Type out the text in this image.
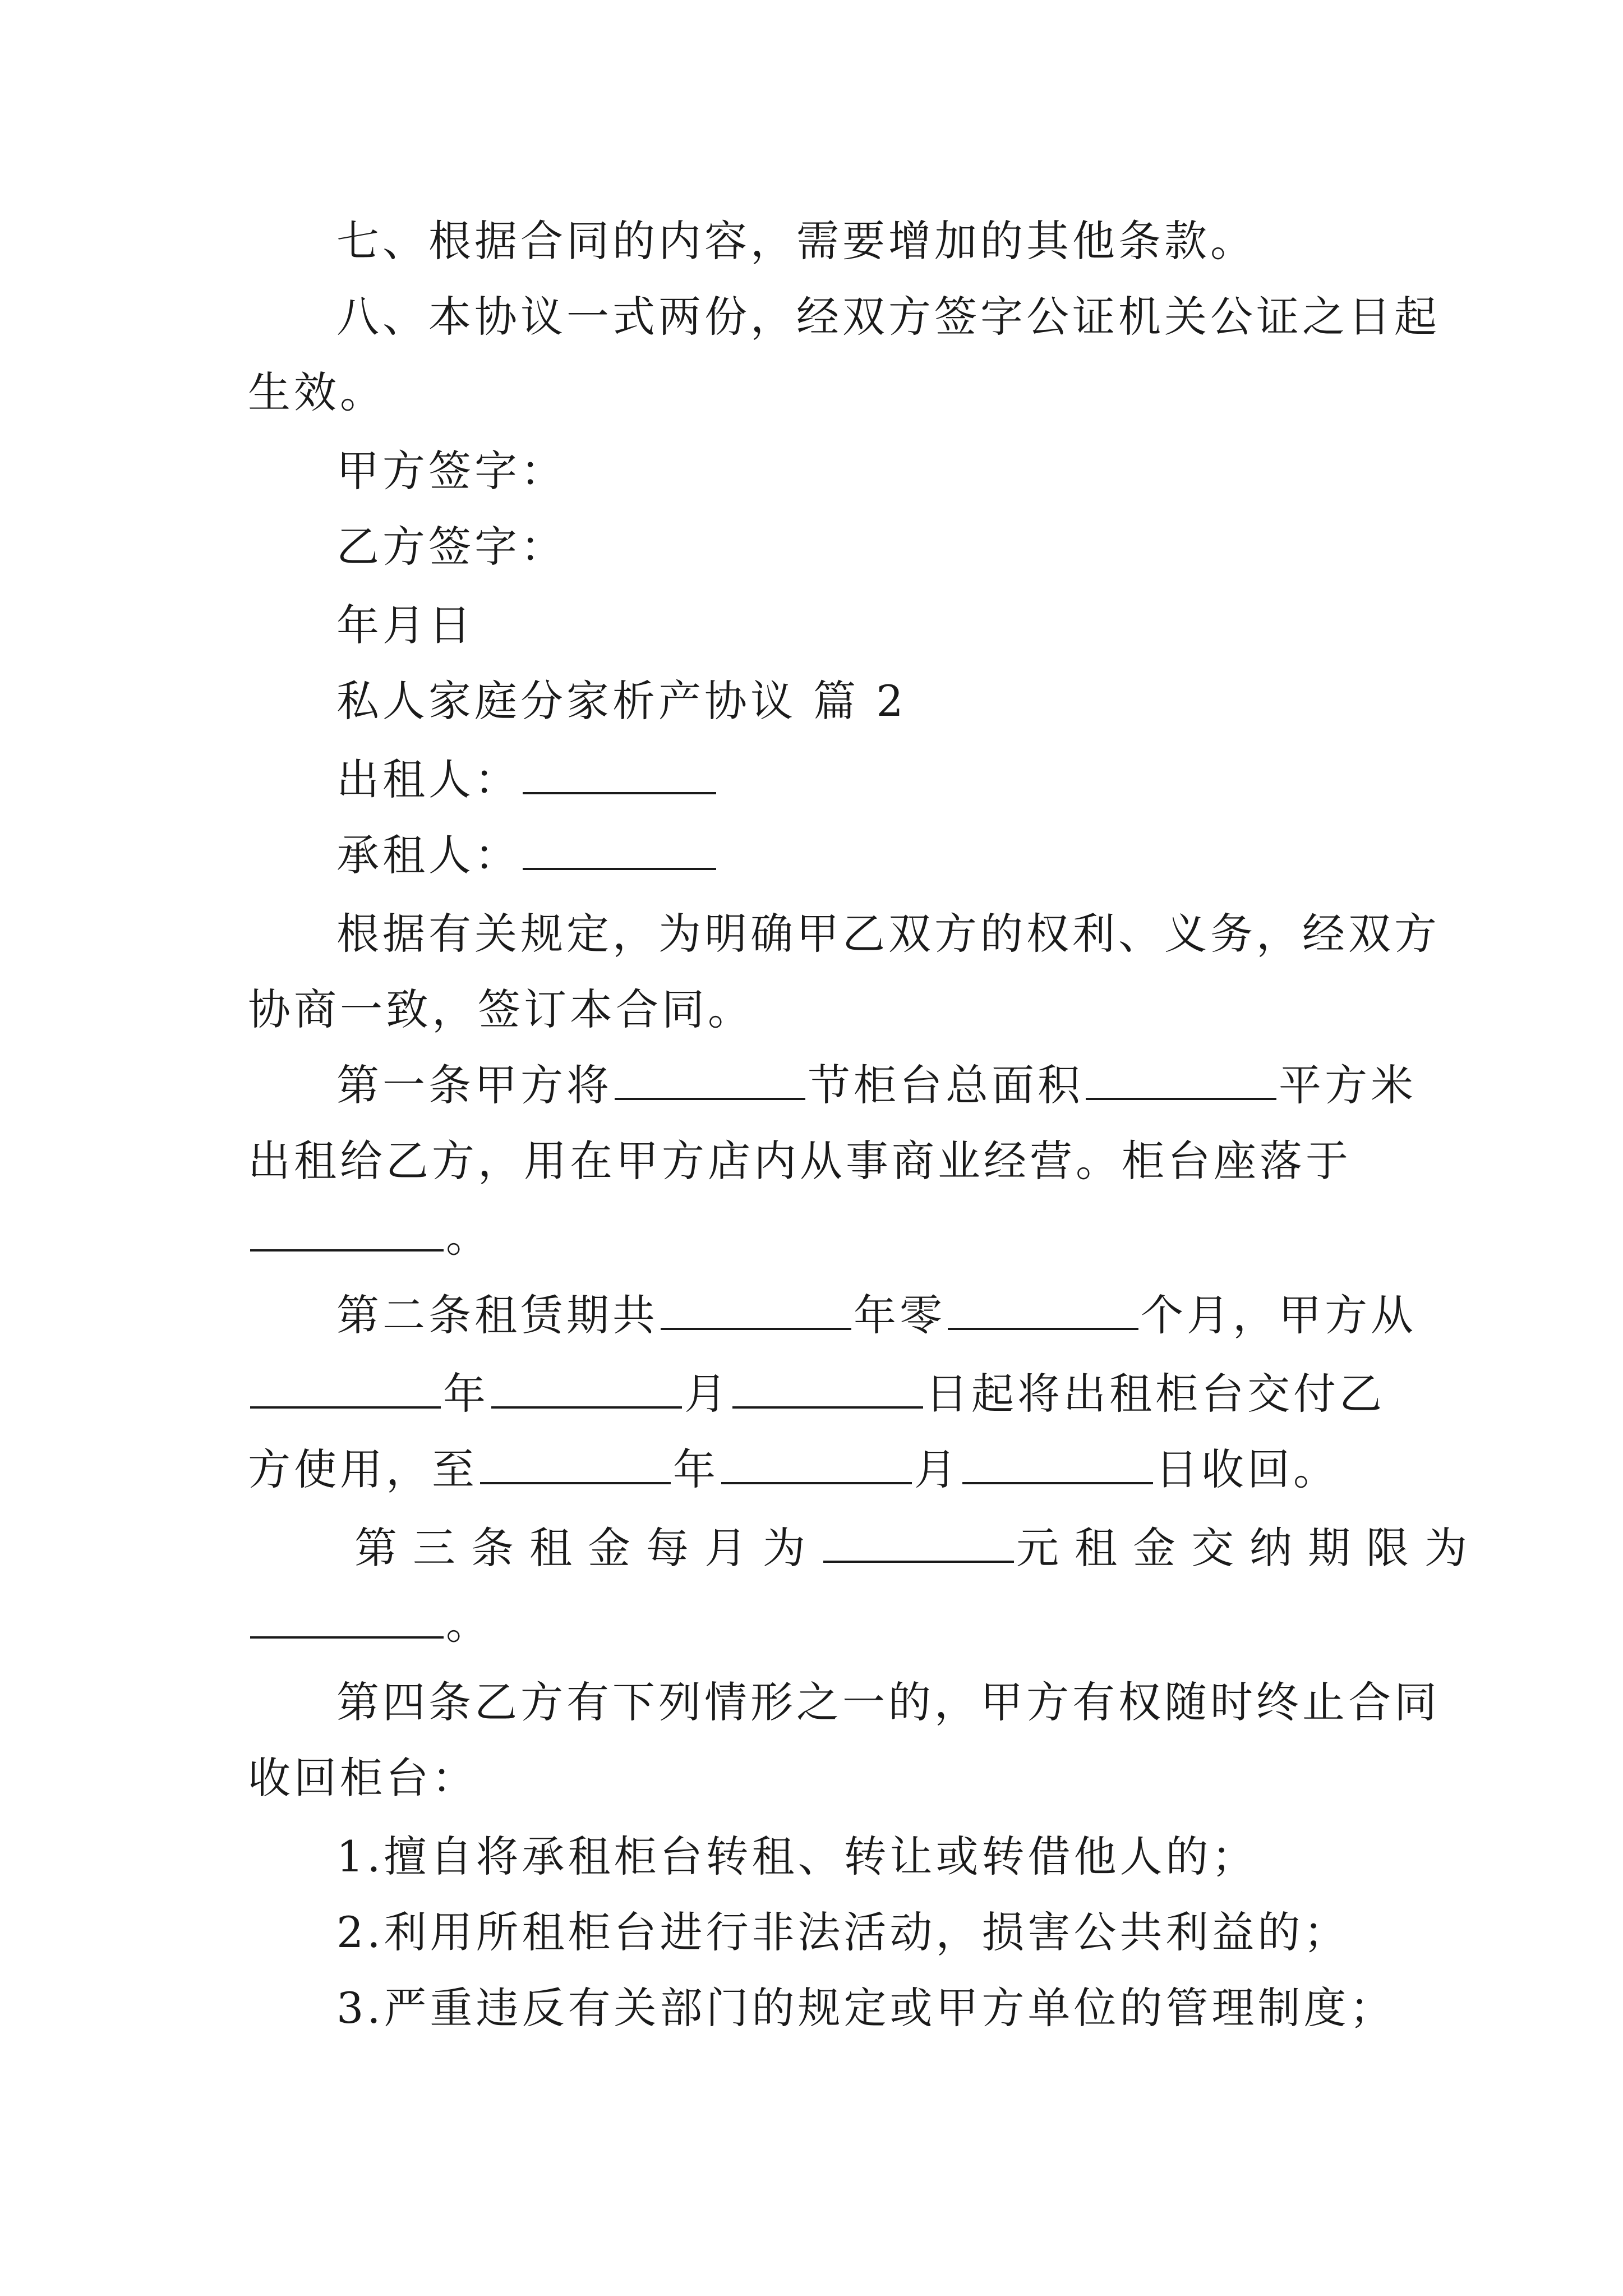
七、根据合同的内容，需要增加的其他条款。
八、本协议一式两份，经双方签字公证机关公证之日起
生效。
甲方签字：
乙方签字：
年月日
私人家庭分家析产协议 篇 2
出租人：
承租人：
根据有关规定，为明确甲乙双方的权利、义务，经双方
协商一致，签订本合同。
第一条甲方将	节柜台总面积	平方米
出租给乙方，用在甲方店内从事商业经营。柜台座落于
。
第二条租赁期共	年零	个月，甲方从
年	月	日起将出租柜台交付乙
方使用，至	年	月	日收回。
第三条租金每月为	元租金交纳期限为
。
第四条乙方有下列情形之一的，甲方有权随时终止合同
收回柜台：
1.擅自将承租柜台转租、转让或转借他人的；
2.利用所租柜台进行非法活动，损害公共利益的；
3.严重违反有关部门的规定或甲方单位的管理制度；
